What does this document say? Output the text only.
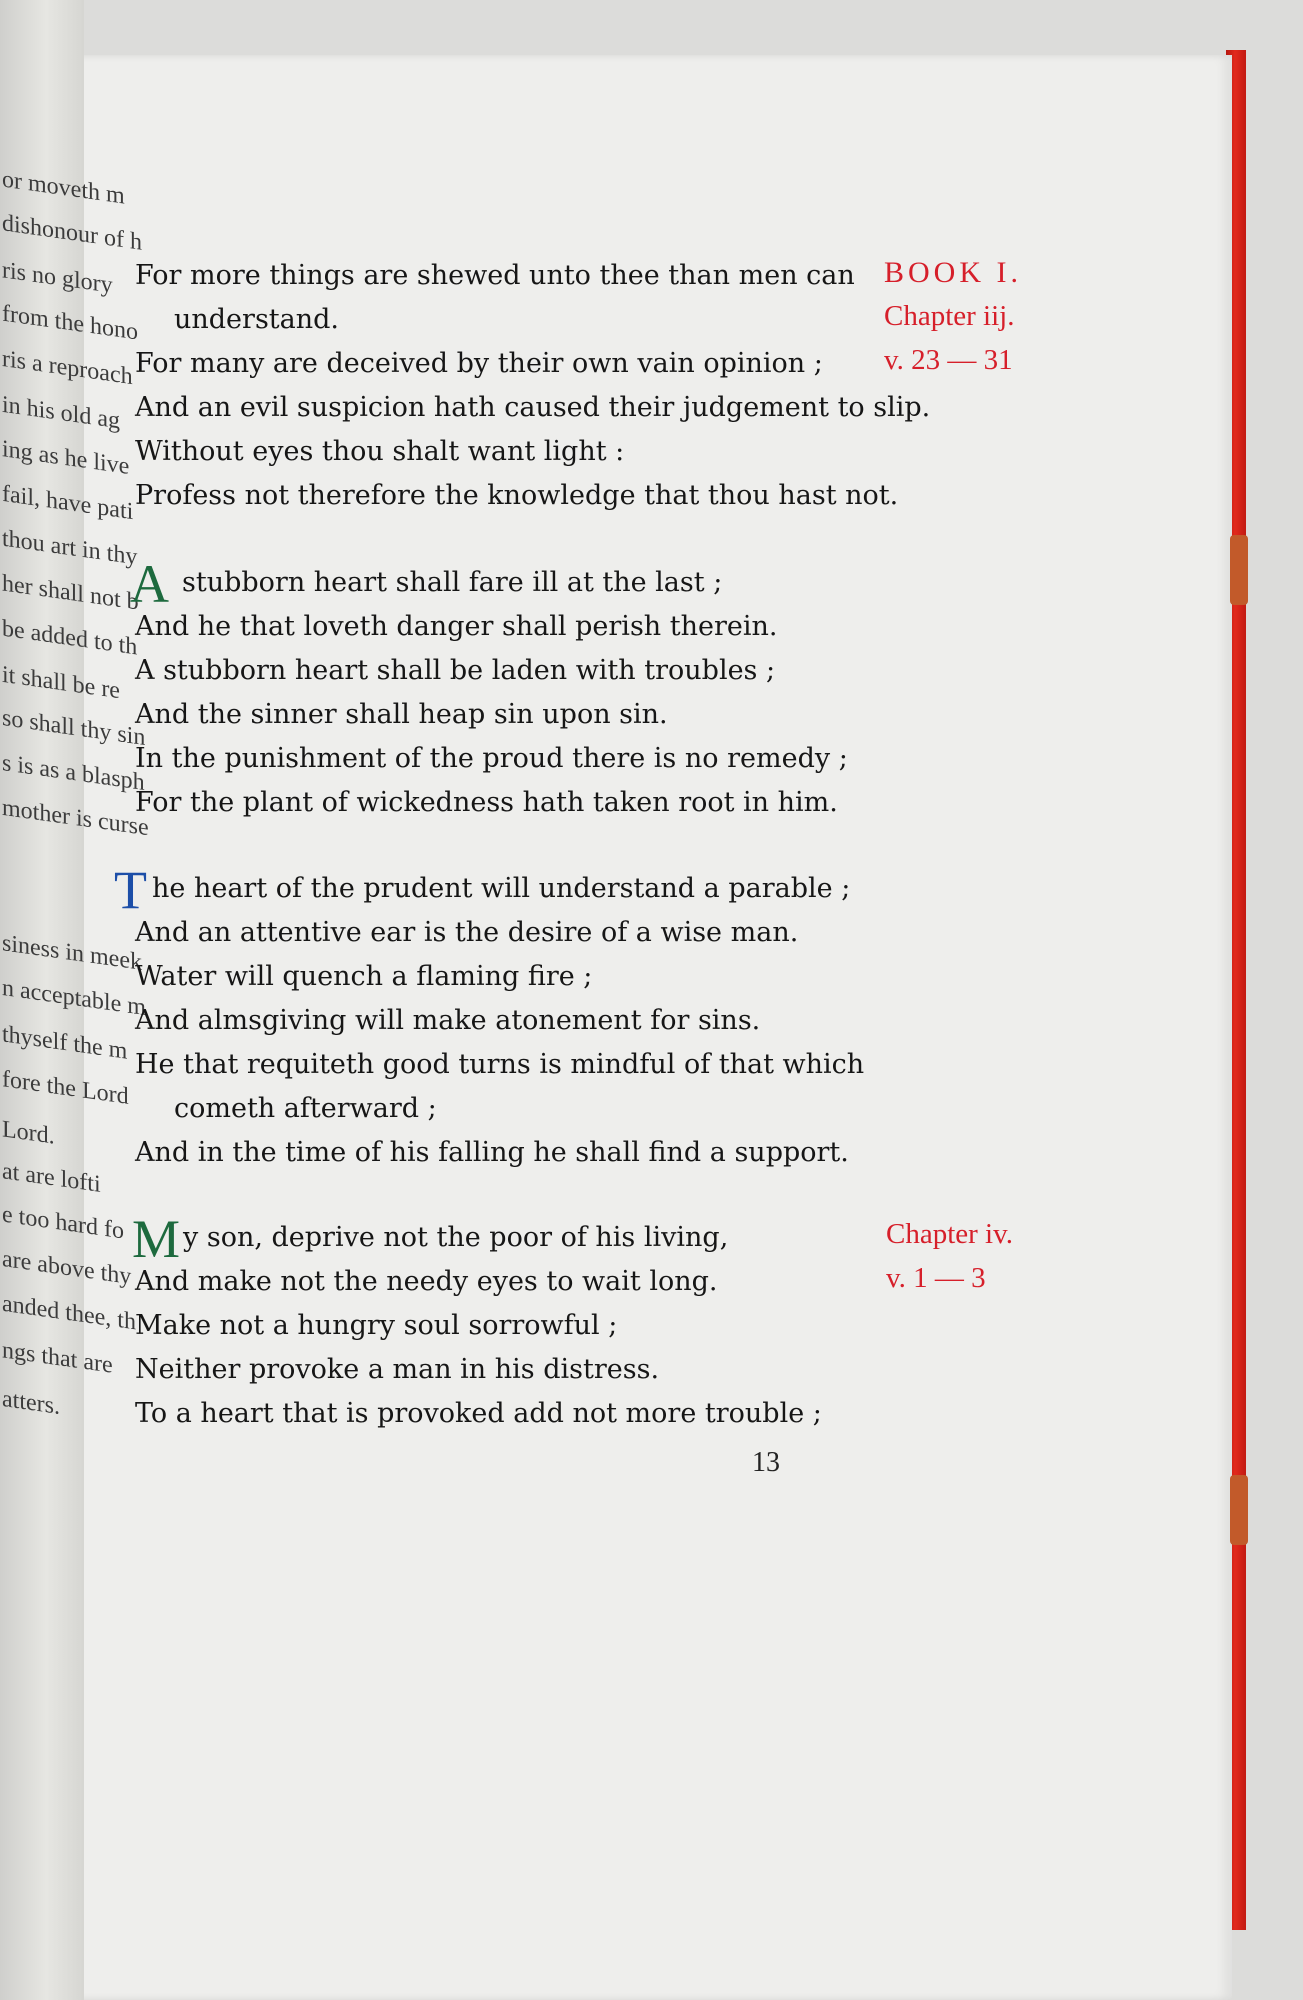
or moveth m
dishonour of h
ris no glory
from the hono
ris a reproach
in his old ag
ing as he live
fail, have pati
thou art in thy
her shall not b
be added to th
it shall be re
so shall thy sin
s is as a blasph
mother is curse
siness in meek
n acceptable m
thyself the m
fore the Lord
Lord.
at are lofti
e too hard fo
are above thy
anded thee, th
ngs that are
atters.
BOOK I.
Chapter iij.
v. 23 — 31
Chapter iv.
v. 1 — 3
For more things are shewed unto thee than men can
understand.
For many are deceived by their own vain opinion ;
And an evil suspicion hath caused their judgement to slip.
Without eyes thou shalt want light :
Profess not therefore the knowledge that thou hast not.
A stubborn heart shall fare ill at the last ;
And he that loveth danger shall perish therein.
A stubborn heart shall be laden with troubles ;
And the sinner shall heap sin upon sin.
In the punishment of the proud there is no remedy ;
For the plant of wickedness hath taken root in him.
T he heart of the prudent will understand a parable ;
And an attentive ear is the desire of a wise man.
Water will quench a flaming fire ;
And almsgiving will make atonement for sins.
He that requiteth good turns is mindful of that which
cometh afterward ;
And in the time of his falling he shall find a support.
M y son, deprive not the poor of his living,
And make not the needy eyes to wait long.
Make not a hungry soul sorrowful ;
Neither provoke a man in his distress.
To a heart that is provoked add not more trouble ;
13
